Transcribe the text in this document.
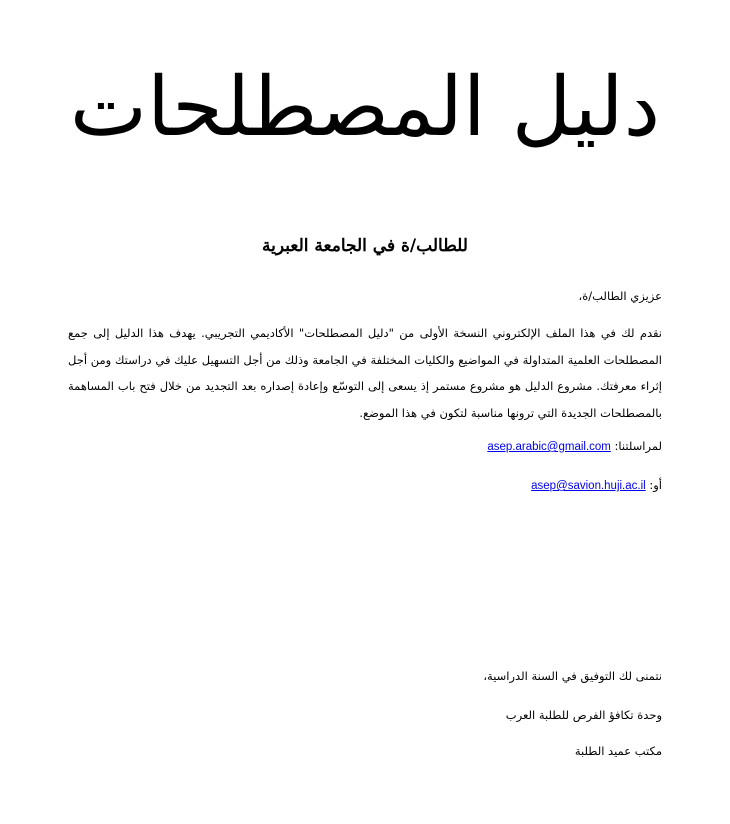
دليل المصطلحات
للطالب/ة في الجامعة العبرية

عزيزي الطالب/ة،

نقدم لك في هذا الملف الإلكتروني النسخة الأولى من "دليل المصطلحات" الأكاديمي التجريبي. يهدف هذا الدليل إلى جمع المصطلحات العلمية المتداولة في المواضيع والكليات المختلفة في الجامعة وذلك من أجل التسهيل عليك في دراستك ومن أجل إثراء معرفتك. مشروع الدليل هو مشروع مستمر إذ يسعى إلى التوسّع وإعادة إصداره بعد التجديد من خلال فتح باب المساهمة بالمصطلحات الجديدة التي ترونها مناسبة لتكون في هذا الموضع.

لمراسلتنا: asep.arabic@gmail.com

أو: asep@savion.huji.ac.il

نتمنى لك التوفيق في السنة الدراسية،

وحدة تكافؤ الفرص للطلبة العرب

مكتب عميد الطلبة
